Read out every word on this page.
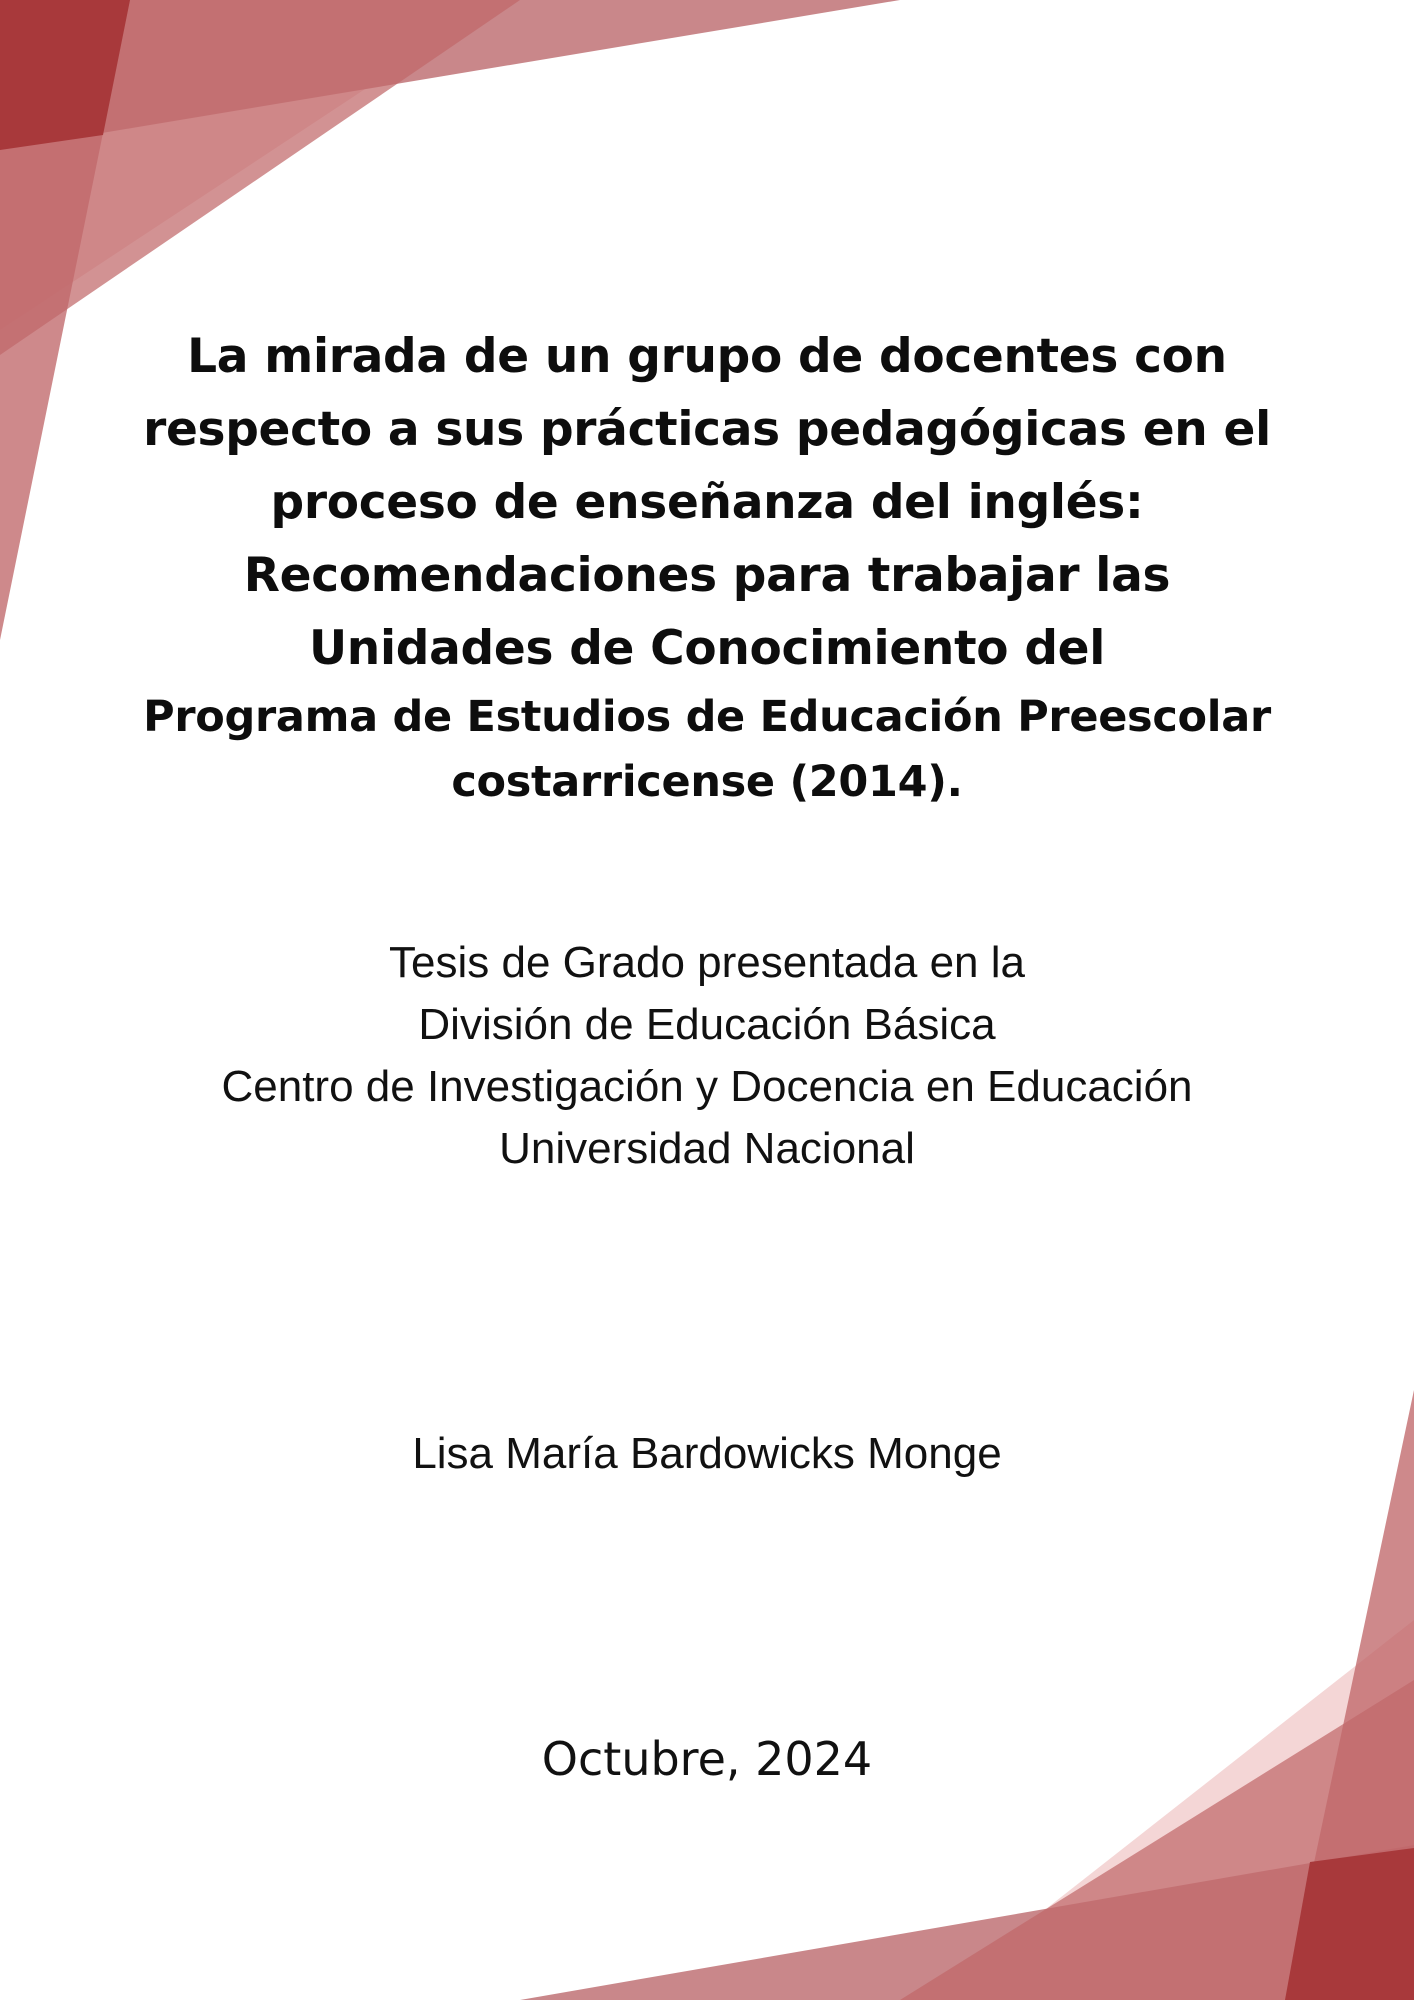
La mirada de un grupo de docentes con
respecto a sus prácticas pedagógicas en el
proceso de enseñanza del inglés:
Recomendaciones para trabajar las
Unidades de Conocimiento del
Programa de Estudios de Educación Preescolar
costarricense (2014).
Tesis de Grado presentada en la
División de Educación Básica
Centro de Investigación y Docencia en Educación
Universidad Nacional
Lisa María Bardowicks Monge
Octubre, 2024
